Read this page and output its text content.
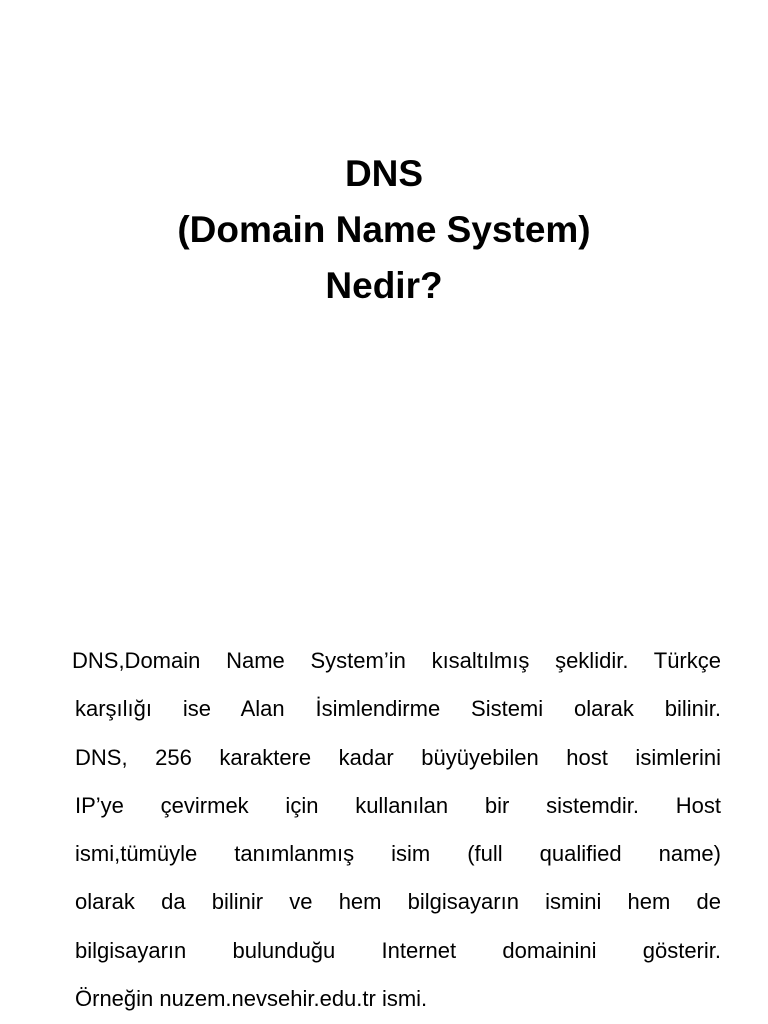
DNS
(Domain Name System)
Nedir?
DNS,Domain Name System’in kısaltılmış şeklidir. Türkçe
karşılığı ise Alan İsimlendirme Sistemi olarak bilinir.
DNS, 256 karaktere kadar büyüyebilen host isimlerini
IP’ye çevirmek için kullanılan bir sistemdir. Host
ismi,tümüyle tanımlanmış isim (full qualified name)
olarak da bilinir ve hem bilgisayarın ismini hem de
bilgisayarın bulunduğu Internet domainini gösterir.
Örneğin nuzem.nevsehir.edu.tr ismi.
